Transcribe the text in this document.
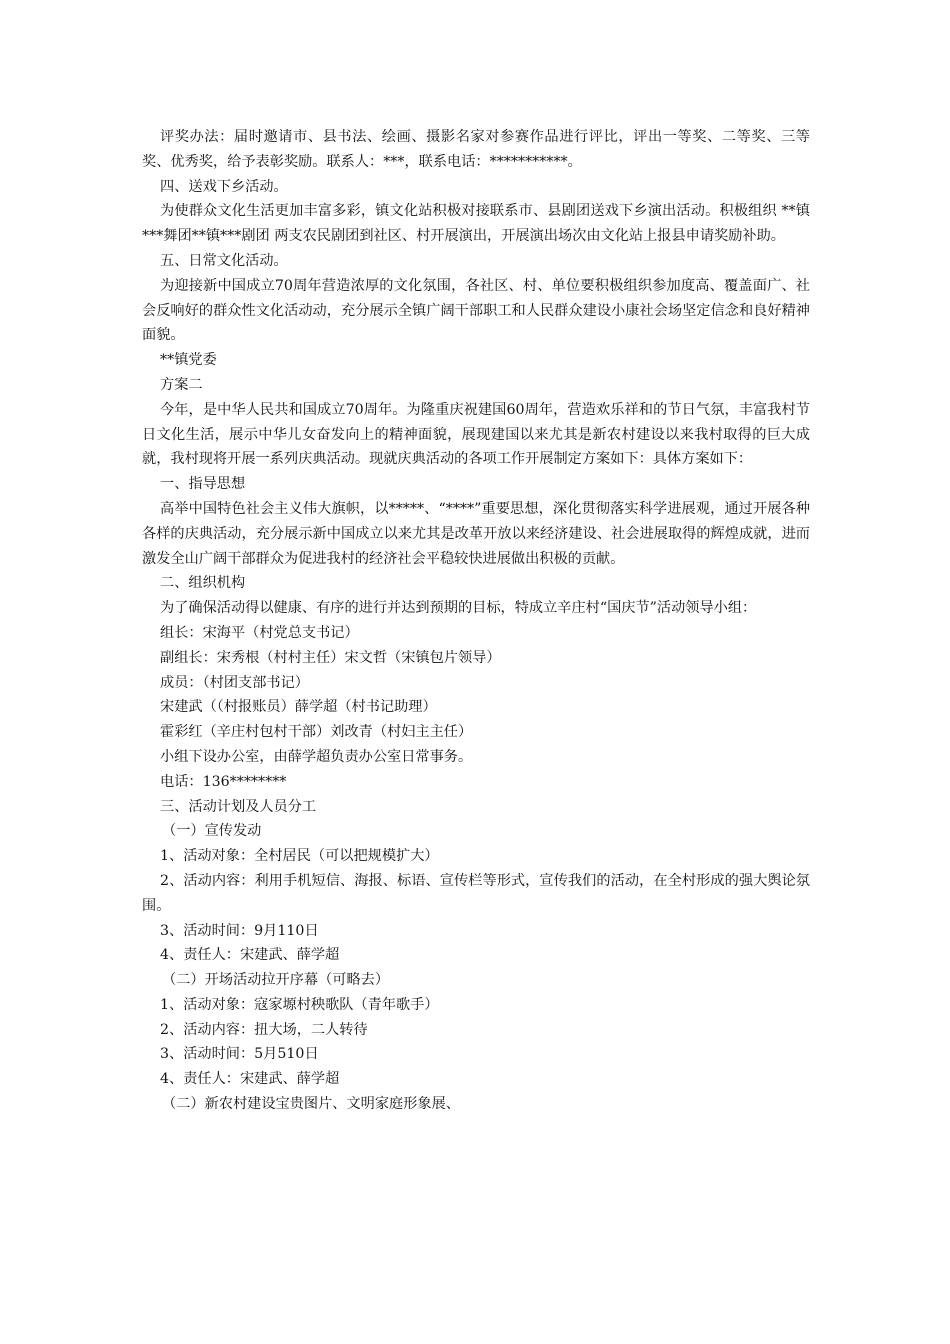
评奖办法：届时邀请市、县书法、绘画、摄影名家对参赛作品进行评比，评出一等奖、二等奖、三等奖、优秀奖，给予表彰奖励。联系人：***，联系电话：***********。

四、送戏下乡活动。

为使群众文化生活更加丰富多彩，镇文化站积极对接联系市、县剧团送戏下乡演出活动。积极组织 **镇***舞团**镇***剧团 两支农民剧团到社区、村开展演出，开展演出场次由文化站上报县申请奖励补助。

五、日常文化活动。

为迎接新中国成立70周年营造浓厚的文化氛围，各社区、村、单位要积极组织参加度高、覆盖面广、社会反响好的群众性文化活动动，充分展示全镇广阔干部职工和人民群众建设小康社会场坚定信念和良好精神面貌。

**镇党委

方案二

今年，是中华人民共和国成立70周年。为隆重庆祝建国60周年，营造欢乐祥和的节日气氛，丰富我村节日文化生活，展示中华儿女奋发向上的精神面貌，展现建国以来尤其是新农村建设以来我村取得的巨大成就，我村现将开展一系列庆典活动。现就庆典活动的各项工作开展制定方案如下：具体方案如下：

一、指导思想

高举中国特色社会主义伟大旗帜，以*****、“****”重要思想，深化贯彻落实科学进展观，通过开展各种各样的庆典活动，充分展示新中国成立以来尤其是改革开放以来经济建设、社会进展取得的辉煌成就，进而激发全山广阔干部群众为促进我村的经济社会平稳较快进展做出积极的贡献。

二、组织机构

为了确保活动得以健康、有序的进行并达到预期的目标，特成立辛庄村“国庆节”活动领导小组：

组长：宋海平（村党总支书记）

副组长：宋秀根（村村主任）宋文哲（宋镇包片领导）

成员：（村团支部书记）

宋建武（（村报账员）薛学超（村书记助理）

霍彩红（辛庄村包村干部）刘改青（村妇主主任）

小组下设办公室，由薛学超负责办公室日常事务。

电话：136********

三、活动计划及人员分工

（一）宣传发动

1、活动对象：全村居民（可以把规模扩大）

2、活动内容：利用手机短信、海报、标语、宣传栏等形式，宣传我们的活动，在全村形成的强大舆论氛围。

3、活动时间：9月110日

4、责任人：宋建武、薛学超

（二）开场活动拉开序幕（可略去）

1、活动对象：寇家塬村秧歌队（青年歌手）

2、活动内容：扭大场，二人转待

3、活动时间：5月510日

4、责任人：宋建武、薛学超

（二）新农村建设宝贵图片、文明家庭形象展、
